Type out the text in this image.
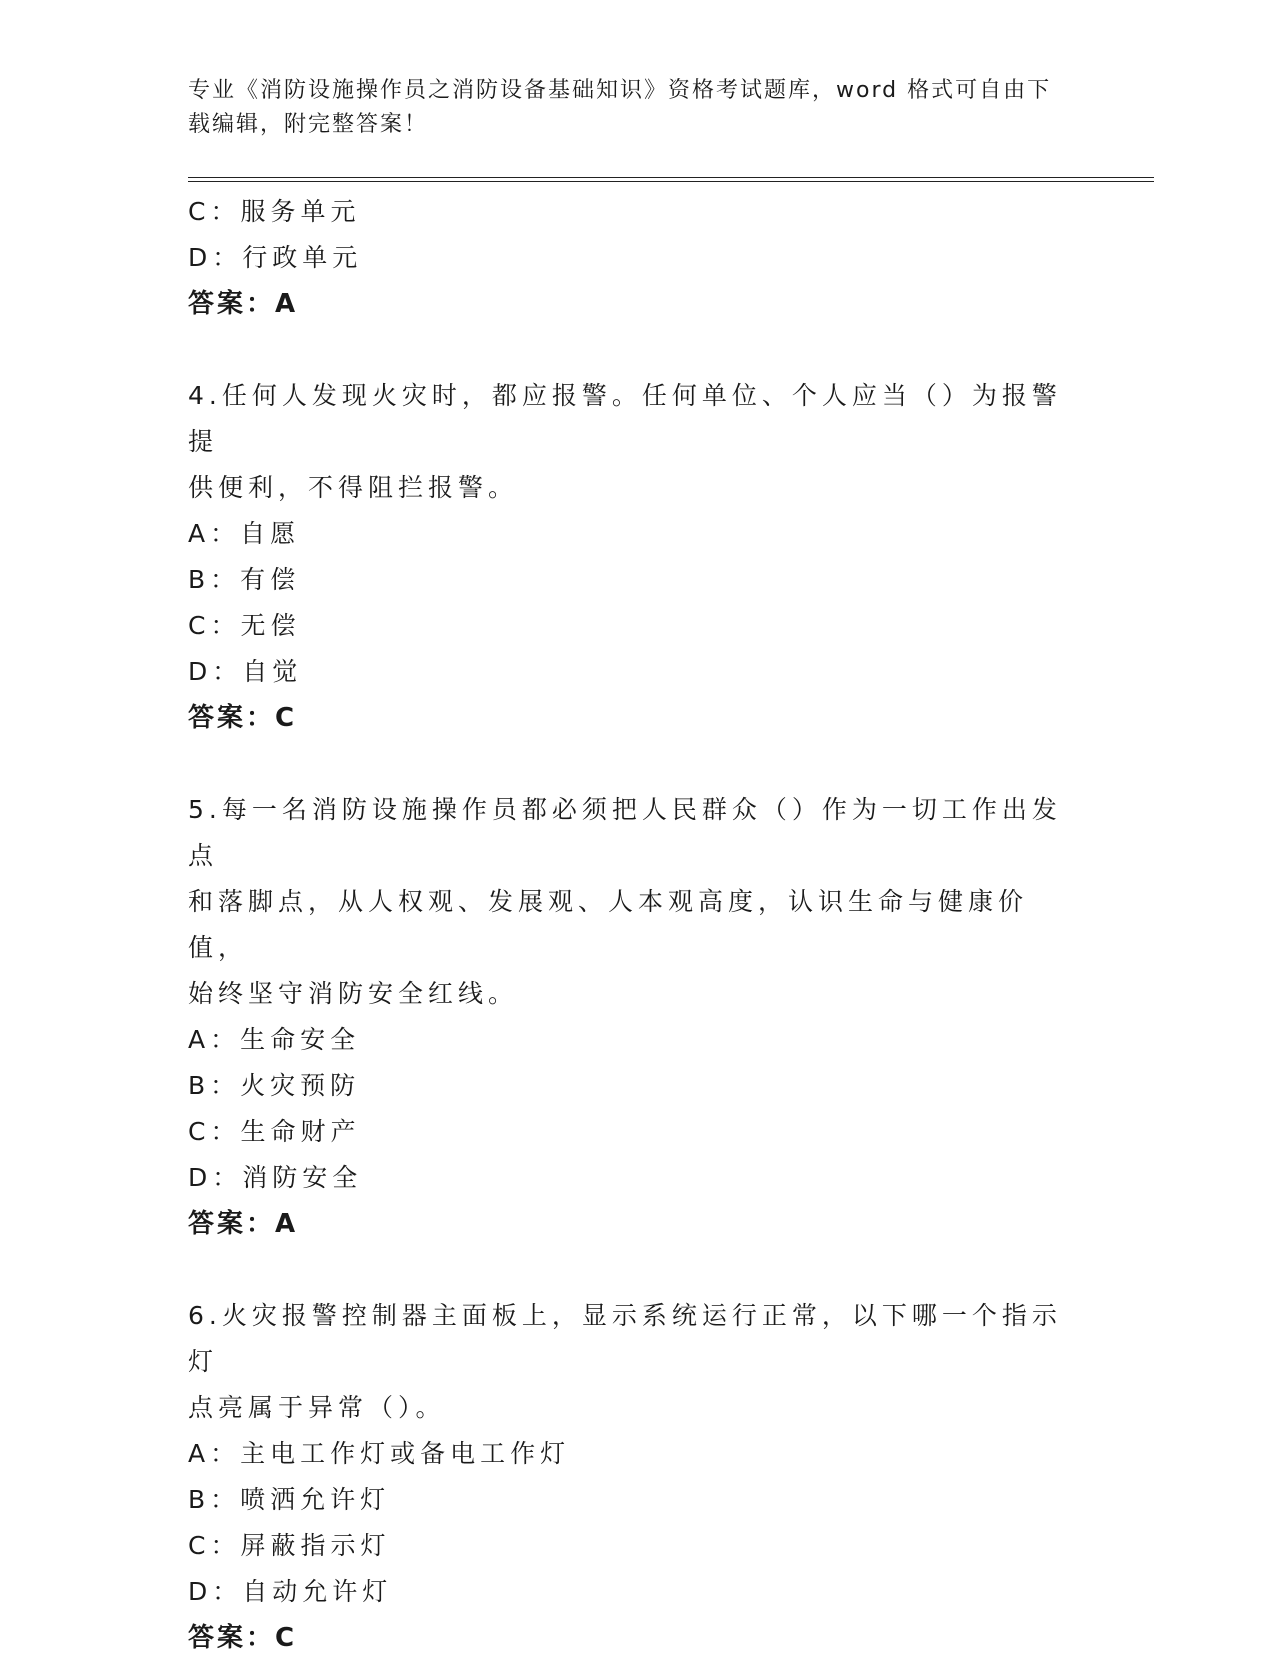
专业《消防设施操作员之消防设备基础知识》资格考试题库，word 格式可自由下
载编辑，附完整答案！
C：服务单元
D：行政单元
答案：A
4.任何人发现火灾时，都应报警。任何单位、个人应当（）为报警提
供便利，不得阻拦报警。
A：自愿
B：有偿
C：无偿
D：自觉
答案：C
5.每一名消防设施操作员都必须把人民群众（）作为一切工作出发点
和落脚点，从人权观、发展观、人本观高度，认识生命与健康价值，
始终坚守消防安全红线。
A：生命安全
B：火灾预防
C：生命财产
D：消防安全
答案：A
6.火灾报警控制器主面板上，显示系统运行正常，以下哪一个指示灯
点亮属于异常（）。
A：主电工作灯或备电工作灯
B：喷洒允许灯
C：屏蔽指示灯
D：自动允许灯
答案：C
